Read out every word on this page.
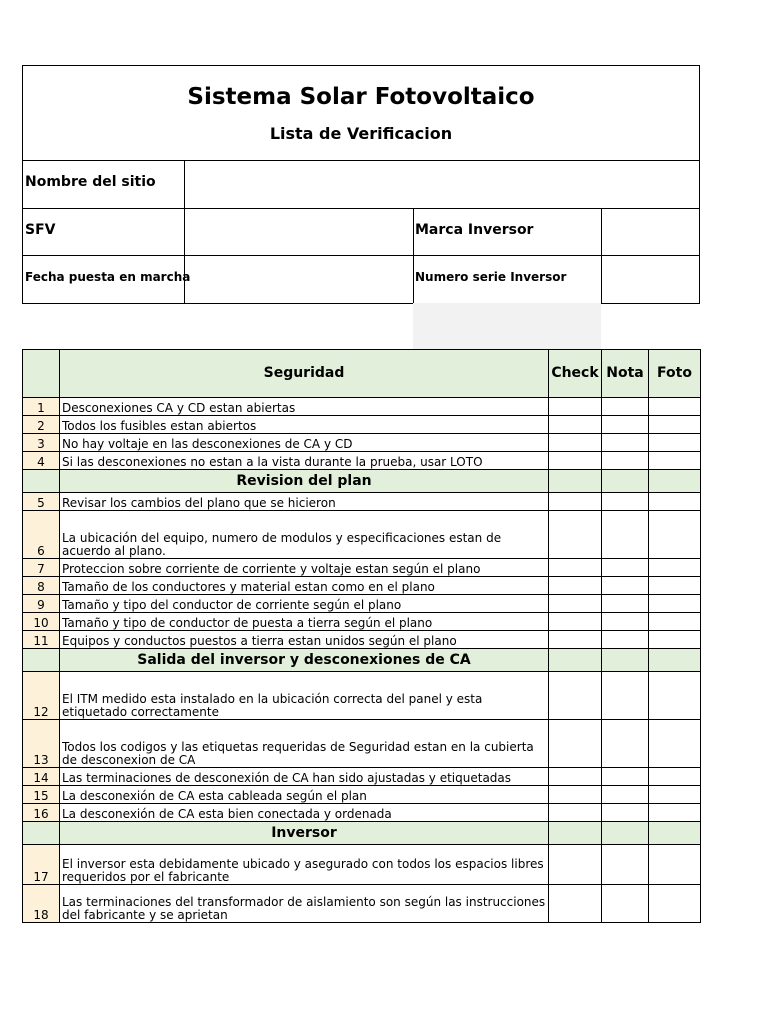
Sistema Solar Fotovoltaico
Lista de Verificacion
Nombre del sitio
SFV	Marca Inversor
Fecha puesta en marcha	Numero serie Inversor
	Seguridad	Check	Nota	Foto
1	Desconexiones CA y CD estan abiertas			
2	Todos los fusibles estan abiertos			
3	No hay voltaje en las desconexiones de CA y CD			
4	Si las desconexiones no estan a la vista durante la prueba, usar LOTO			
	Revision del plan			
5	Revisar los cambios del plano que se hicieron			
6	La ubicación del equipo, numero de modulos y especificaciones estan de acuerdo al plano.			
7	Proteccion sobre corriente de corriente y voltaje estan según el plano			
8	Tamaño de los conductores y material estan como en el plano			
9	Tamaño y tipo del conductor de corriente según el plano			
10	Tamaño y tipo de conductor de puesta a tierra según el plano			
11	Equipos y conductos puestos a tierra estan unidos según el plano			
	Salida del inversor y desconexiones de CA			
12	El ITM medido esta instalado en la ubicación correcta del panel y esta etiquetado correctamente			
13	Todos los codigos y las etiquetas requeridas de Seguridad estan en la cubierta de desconexion de CA			
14	Las terminaciones de desconexión de CA han sido ajustadas y etiquetadas			
15	La desconexión de CA esta cableada según el plan			
16	La desconexión de CA esta bien conectada y ordenada			
	Inversor			
17	El inversor esta debidamente ubicado y asegurado con todos los espacios libres requeridos por el fabricante			
18	Las terminaciones del transformador de aislamiento son según las instrucciones del fabricante y se aprietan			
